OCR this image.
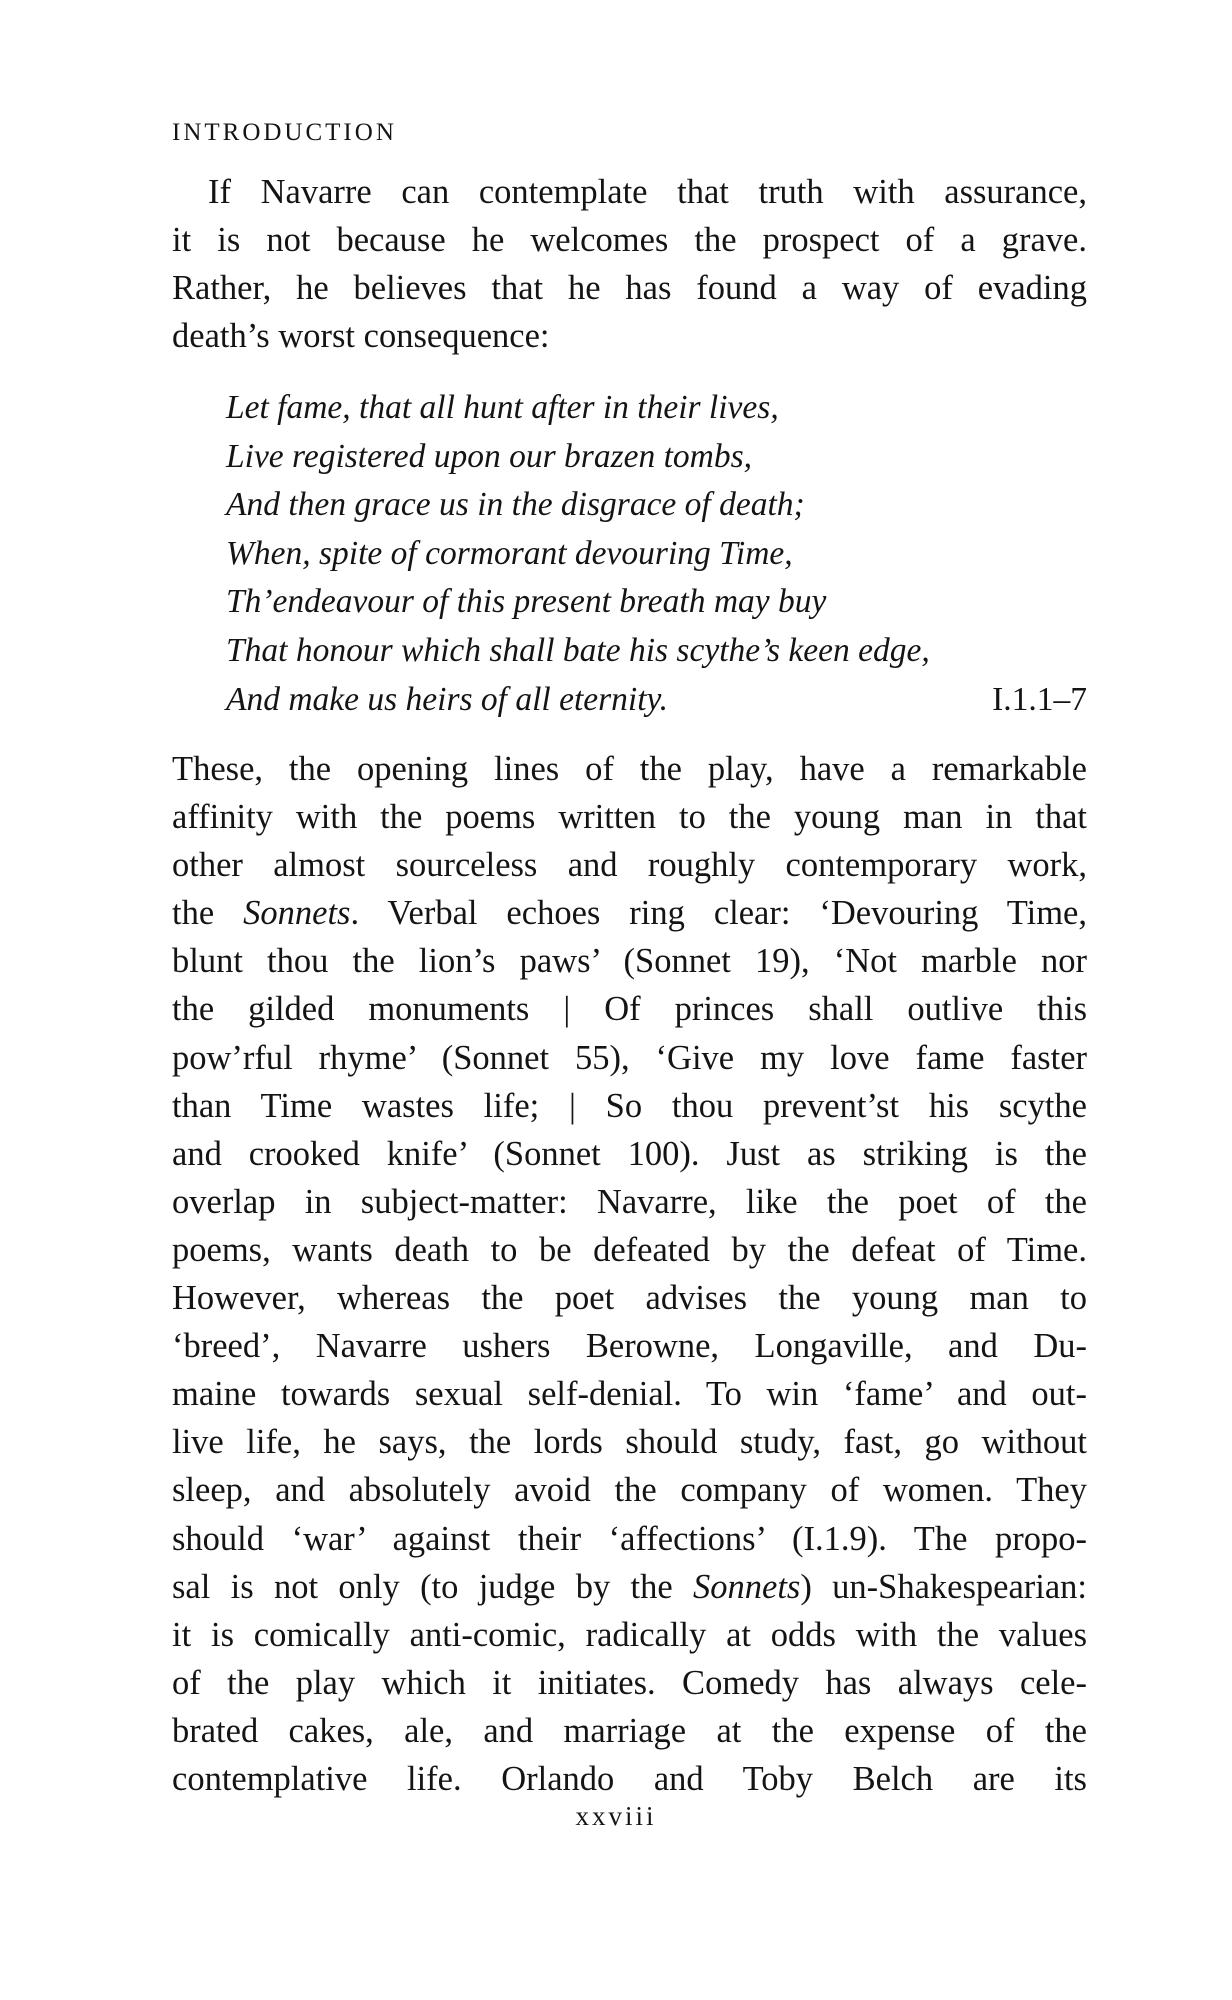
INTRODUCTION
If Navarre can contemplate that truth with assurance,
it is not because he welcomes the prospect of a grave.
Rather, he believes that he has found a way of evading
death’s worst consequence:
Let fame, that all hunt after in their lives,
Live registered upon our brazen tombs,
And then grace us in the disgrace of death;
When, spite of cormorant devouring Time,
Th’endeavour of this present breath may buy
That honour which shall bate his scythe’s keen edge,
And make us heirs of all eternity.	I.1.1–7
These, the opening lines of the play, have a remarkable
affinity with the poems written to the young man in that
other almost sourceless and roughly contemporary work,
the Sonnets. Verbal echoes ring clear: ‘Devouring Time,
blunt thou the lion’s paws’ (Sonnet 19), ‘Not marble nor
the gilded monuments | Of princes shall outlive this
pow’rful rhyme’ (Sonnet 55), ‘Give my love fame faster
than Time wastes life; | So thou prevent’st his scythe
and crooked knife’ (Sonnet 100). Just as striking is the
overlap in subject-matter: Navarre, like the poet of the
poems, wants death to be defeated by the defeat of Time.
However, whereas the poet advises the young man to
‘breed’, Navarre ushers Berowne, Longaville, and Du-
maine towards sexual self-denial. To win ‘fame’ and out-
live life, he says, the lords should study, fast, go without
sleep, and absolutely avoid the company of women. They
should ‘war’ against their ‘affections’ (I.1.9). The propo-
sal is not only (to judge by the Sonnets) un-Shakespearian:
it is comically anti-comic, radically at odds with the values
of the play which it initiates. Comedy has always cele-
brated cakes, ale, and marriage at the expense of the
contemplative life. Orlando and Toby Belch are its
xxviii
